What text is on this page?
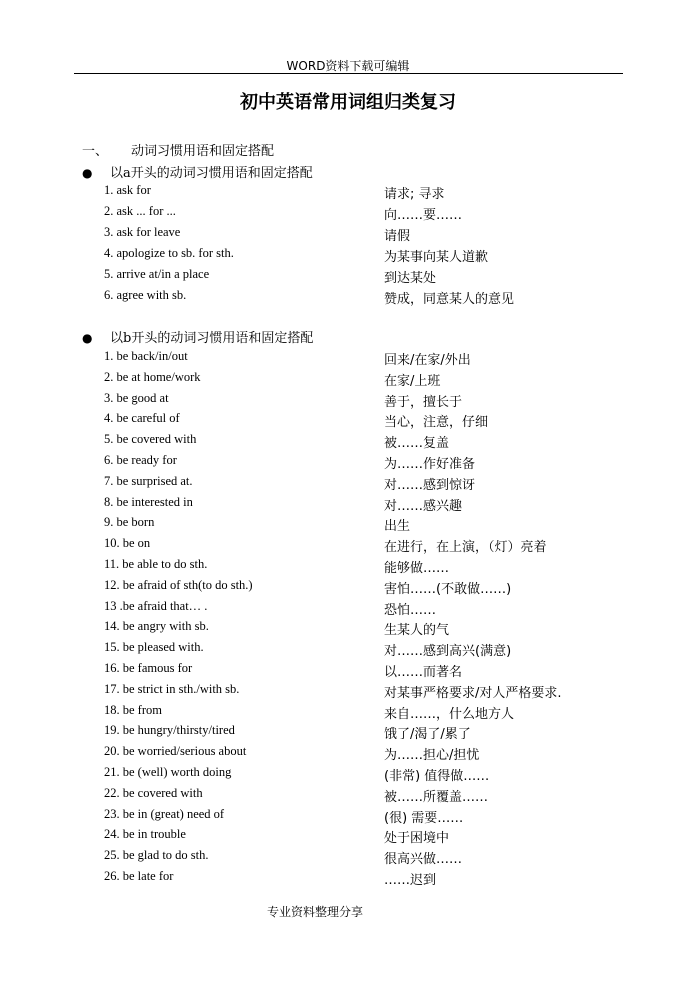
WORD资料下载可编辑
初中英语常用词组归类复习
一、 动词习惯用语和固定搭配
● 以a开头的动词习惯用语和固定搭配
1. ask for	请求; 寻求
2. ask ... for ...	向……要……
3. ask for leave	请假
4. apologize to sb. for sth.	为某事向某人道歉
5. arrive at/in a place	到达某处
6. agree with sb.	赞成，同意某人的意见
● 以b开头的动词习惯用语和固定搭配
1. be back/in/out	回来/在家/外出
2. be at home/work	在家/上班
3. be good at	善于，擅长于
4. be careful of	当心，注意，仔细
5. be covered with	被……复盖
6. be ready for	为……作好准备
7. be surprised at.	对……感到惊讶
8. be interested in	对……感兴趣
9. be born	出生
10. be on	在进行，在上演，（灯）亮着
11. be able to do sth.	能够做……
12. be afraid of sth(to do sth.)	害怕……(不敢做……)
13 .be afraid that… .	恐怕……
14. be angry with sb.	生某人的气
15. be pleased with.	对……感到高兴(满意)
16. be famous for	以……而著名
17. be strict in sth./with sb.	对某事严格要求/对人严格要求.
18. be from	来自……，什么地方人
19. be hungry/thirsty/tired	饿了/渴了/累了
20. be worried/serious about	为……担心/担忧
21. be (well) worth doing	(非常) 值得做……
22. be covered with	被……所覆盖……
23. be in (great) need of	(很) 需要……
24. be in trouble	处于困境中
25. be glad to do sth.	很高兴做……
26. be late for	……迟到
专业资料整理分享
